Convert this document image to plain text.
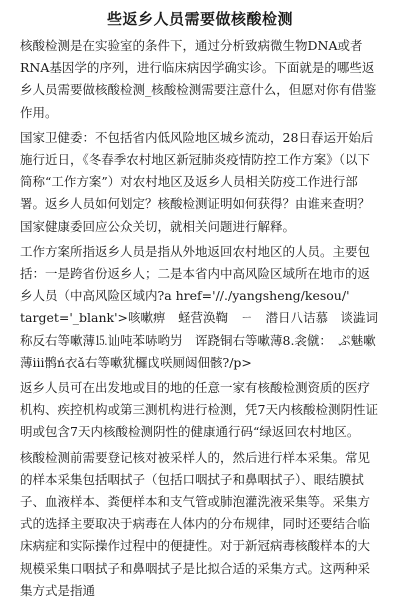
些返乡人员需要做核酸检测

核酸检测是在实验室的条件下，通过分析致病微生物DNA或者RNA基因学的序列，进行临床病因学确实诊。下面就是的哪些返乡人员需要做核酸检测_核酸检测需要注意什么，但愿对你有借鉴作用。

国家卫健委：不包括省内低风险地区城乡流动，28日春运开始后施行近日，《冬春季农村地区新冠肺炎疫情防控工作方案》（以下简称“工作方案”）对农村地区及返乡人员相关防疫工作进行部署。返乡人员如何划定？核酸检测证明如何获得？由谁来查明？国家健康委回应公众关切，就相关问题进行解释。

工作方案所指返乡人员是指从外地返回农村地区的人员。主要包括：一是跨省份返乡人；二是本省内中高风险区域所在地市的返乡人员（中高风险区域内?a href='//./yangsheng/kesou/' target='_blank'>咳嗽痹　蛏营涣鞫　ㄧ　潜日八诘慕　谈澁词称反右等嗽薄⒖讪吨苯哧哟屶　诨跷铜右等嗽薄8.衾僦：　ぷ魅嗽薄ⅲ鹘ń衣ǎ右等嗽犹欏戉咲厕闼佃骸?/p>

返乡人员可在出发地或目的地的任意一家有核酸检测资质的医疗机构、疾控机构或第三测机构进行检测，凭7天内核酸检测阴性证明或包含7天内核酸检测阴性的健康通行码“绿返回农村地区。

核酸检测前需要登记核对被采样人的，然后进行样本采集。常见的样本采集包括咽拭子（包括口咽拭子和鼻咽拭子）、眼结膜拭子、血液样本、粪便样本和支气管或肺泡灌洗液采集等。采集方式的选择主要取决于病毒在人体内的分布规律，同时还要结合临床病症和实际操作过程中的便捷性。对于新冠病毒核酸样本的大规模采集口咽拭子和鼻咽拭子是比拟合适的采集方式。这两种采集方式是指通
